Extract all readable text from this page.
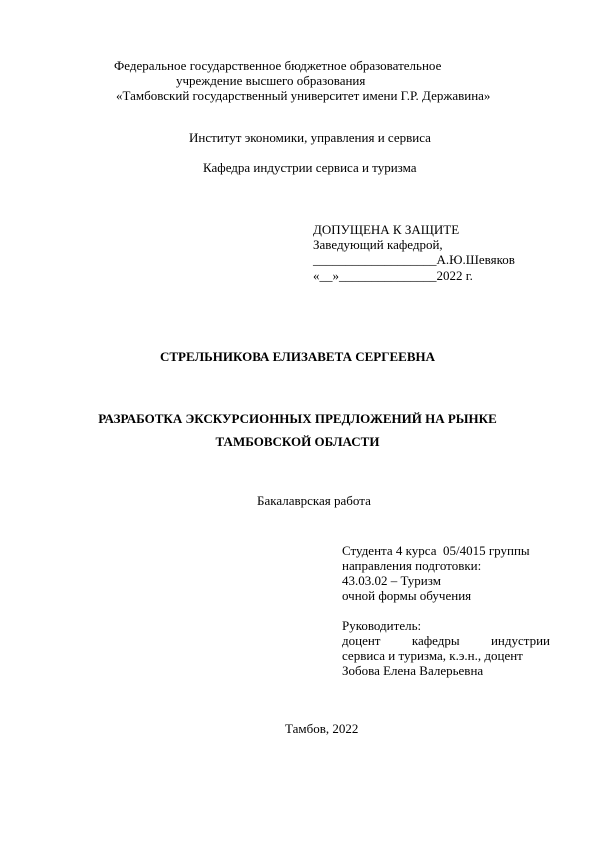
Федеральное государственное бюджетное образовательное
учреждение высшего образования
«Тамбовский государственный университет имени Г.Р. Державина»
Институт экономики, управления и сервиса
Кафедра индустрии сервиса и туризма
ДОПУЩЕНА К ЗАЩИТЕ
Заведующий кафедрой,
___________________А.Ю.Шевяков
«__»_______________2022 г.
СТРЕЛЬНИКОВА ЕЛИЗАВЕТА СЕРГЕЕВНА
РАЗРАБОТКА ЭКСКУРСИОННЫХ ПРЕДЛОЖЕНИЙ НА РЫНКЕ
ТАМБОВСКОЙ ОБЛАСТИ
Бакалаврская работа
Студента 4 курса  05/4015 группы
направления подготовки:
43.03.02 – Туризм
очной формы обучения
Руководитель:
доцент кафедры индустрии
сервиса и туризма, к.э.н., доцент
Зобова Елена Валерьевна
Тамбов, 2022
